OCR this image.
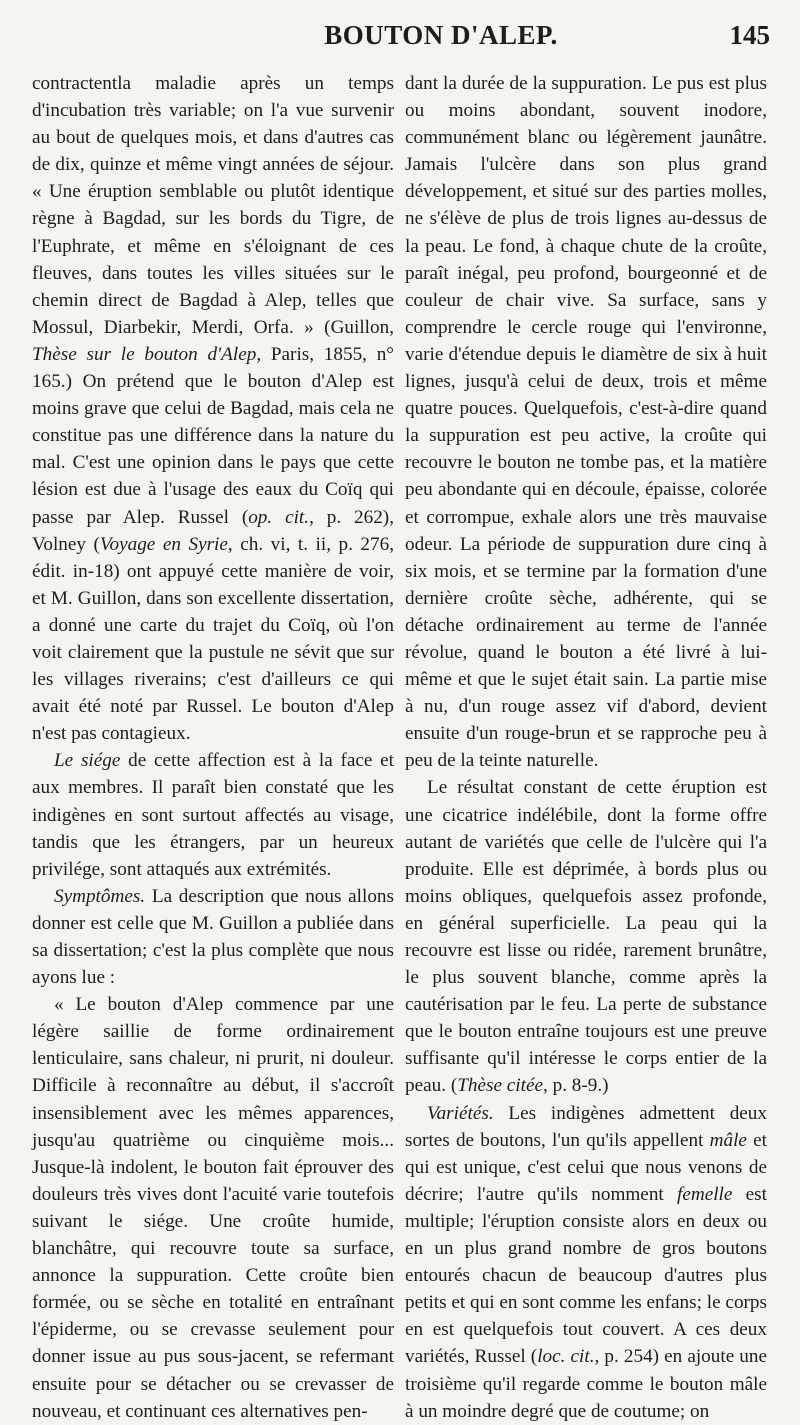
BOUTON D'ALEP.	145

contractentla maladie après un temps d'incubation très variable; on l'a vue survenir au bout de quelques mois, et dans d'autres cas de dix, quinze et même vingt années de séjour. « Une éruption semblable ou plutôt identique règne à Bagdad, sur les bords du Tigre, de l'Euphrate, et même en s'éloignant de ces fleuves, dans toutes les villes situées sur le chemin direct de Bagdad à Alep, telles que Mossul, Diarbekir, Merdi, Orfa. » (Guillon, Thèse sur le bouton d'Alep, Paris, 1855, n° 165.) On prétend que le bouton d'Alep est moins grave que celui de Bagdad, mais cela ne constitue pas une différence dans la nature du mal. C'est une opinion dans le pays que cette lésion est due à l'usage des eaux du Coïq qui passe par Alep. Russel (op. cit., p. 262), Volney (Voyage en Syrie, ch. vi, t. ii, p. 276, édit. in-18) ont appuyé cette manière de voir, et M. Guillon, dans son excellente dissertation, a donné une carte du trajet du Coïq, où l'on voit clairement que la pustule ne sévit que sur les villages riverains; c'est d'ailleurs ce qui avait été noté par Russel. Le bouton d'Alep n'est pas contagieux.

Le siége de cette affection est à la face et aux membres. Il paraît bien constaté que les indigènes en sont surtout affectés au visage, tandis que les étrangers, par un heureux privilége, sont attaqués aux extrémités.

Symptômes. La description que nous allons donner est celle que M. Guillon a publiée dans sa dissertation; c'est la plus complète que nous ayons lue :

« Le bouton d'Alep commence par une légère saillie de forme ordinairement lenticulaire, sans chaleur, ni prurit, ni douleur. Difficile à reconnaître au début, il s'accroît insensiblement avec les mêmes apparences, jusqu'au quatrième ou cinquième mois... Jusque-là indolent, le bouton fait éprouver des douleurs très vives dont l'acuité varie toutefois suivant le siége. Une croûte humide, blanchâtre, qui recouvre toute sa surface, annonce la suppuration. Cette croûte bien formée, ou se sèche en totalité en entraînant l'épiderme, ou se crevasse seulement pour donner issue au pus sous-jacent, se refermant ensuite pour se détacher ou se crevasser de nouveau, et continuant ces alternatives pen-

dant la durée de la suppuration. Le pus est plus ou moins abondant, souvent inodore, communément blanc ou légèrement jaunâtre. Jamais l'ulcère dans son plus grand développement, et situé sur des parties molles, ne s'élève de plus de trois lignes au-dessus de la peau. Le fond, à chaque chute de la croûte, paraît inégal, peu profond, bourgeonné et de couleur de chair vive. Sa surface, sans y comprendre le cercle rouge qui l'environne, varie d'étendue depuis le diamètre de six à huit lignes, jusqu'à celui de deux, trois et même quatre pouces. Quelquefois, c'est-à-dire quand la suppuration est peu active, la croûte qui recouvre le bouton ne tombe pas, et la matière peu abondante qui en découle, épaisse, colorée et corrompue, exhale alors une très mauvaise odeur. La période de suppuration dure cinq à six mois, et se termine par la formation d'une dernière croûte sèche, adhérente, qui se détache ordinairement au terme de l'année révolue, quand le bouton a été livré à lui-même et que le sujet était sain. La partie mise à nu, d'un rouge assez vif d'abord, devient ensuite d'un rouge-brun et se rapproche peu à peu de la teinte naturelle.

Le résultat constant de cette éruption est une cicatrice indélébile, dont la forme offre autant de variétés que celle de l'ulcère qui l'a produite. Elle est déprimée, à bords plus ou moins obliques, quelquefois assez profonde, en général superficielle. La peau qui la recouvre est lisse ou ridée, rarement brunâtre, le plus souvent blanche, comme après la cautérisation par le feu. La perte de substance que le bouton entraîne toujours est une preuve suffisante qu'il intéresse le corps entier de la peau. (Thèse citée, p. 8-9.)

Variétés. Les indigènes admettent deux sortes de boutons, l'un qu'ils appellent mâle et qui est unique, c'est celui que nous venons de décrire; l'autre qu'ils nomment femelle est multiple; l'éruption consiste alors en deux ou en un plus grand nombre de gros boutons entourés chacun de beaucoup d'autres plus petits et qui en sont comme les enfans; le corps en est quelquefois tout couvert. A ces deux variétés, Russel (loc. cit., p. 254) en ajoute une troisième qu'il regarde comme le bouton mâle à un moindre degré que de coutume; on
